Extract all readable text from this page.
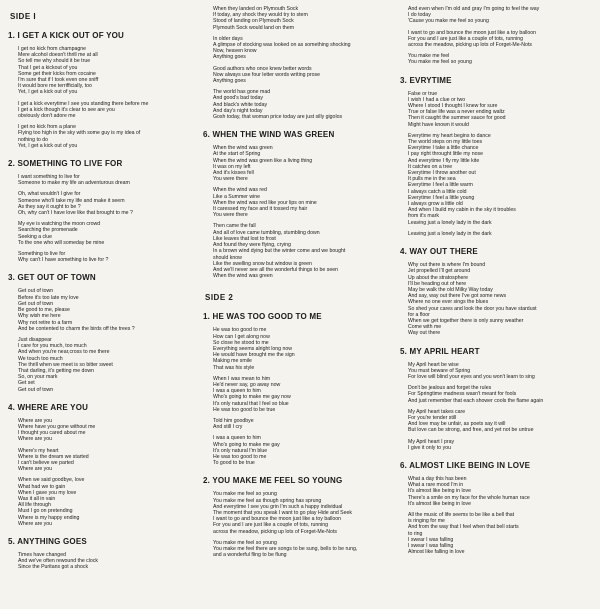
SIDE I
1. I GET A KICK OUT OF YOU
I get no kick from champagne
Mere alcohol doesn't thrill me at all
So tell me why should it be true
That I get a kickout of you
Some get their kicks from cocaine
I'm sure that if I took even one sniff
It would bore me terrifficially, too
Yet, I get a kick out of you
I get a kick everytime I see you standing there before me
I get a kick though it's clear to see are you
obviously don't adore me
I get no kick from a plane
Flying too high in the sky with some guy is my idea of
nothing to do
Yet, I get a kick out of you
2. SOMETHING TO LIVE FOR
I want something to live for
Someone to make my life an adventurous dream
Oh, what wouldn't I give for
Someone who'll take my life and make it seem
As they say it ought to be ?
Oh, why can't I have love like that brought to me ?
My eye is watching the moon crowd
Searching the promenade
Seeking a clue
To the one who will someday be mine
Something to live for
Why can't I have something to live for ?
3. GET OUT OF TOWN
Get out of town
Before it's too late my love
Get out of town
Be good to me, please
Why wish me here
Why not retire to a farm
And be contented to charm the birds off the trees ?
Just disappear
I care for you much, too much
And when you're near,cross to me there
We touch too much
The thrill when we meet is so bitter sweet
That darling, it's getting me down
So, on your mark
Get set
Get out of town
4. WHERE ARE YOU
Where are you
Where have you gone without me
I thought you cared about me
Where are you
Where's my heart
Where is the dream we started
I can't believe we parted
Where are you
When we said goodbye, love
What had we to gain
When I gave you my love
Was it all in vain
All life through
Must I go on pretending
Where is my happy ending
Where are you
5. ANYTHING GOES
Times have changed
And we've often rewound the clock
Since the Puritans got a shock
When they landed on Plymouth Sock
If today, any shock they would try to stem
Stood of landing on Plymouth Sock
Plymouth Sock would land on them
In older days
A glimpse of stocking was looked on as something shocking
Now, heaven know
Anything goes
Good authors who once knew better words
Now always use four letter words writing prose
Anything goes
The world has gone mad
And good's bad today
And black's white today
And day's night today
Gosh today, that woman price today are just silly gigolos
6. WHEN THE WIND WAS GREEN
When the wind was green
At the start of Spring
When the wind was green like a living thing
It was on my left
And it's kisses fell
You were there
When the wind was red
Like a Summer wine
When the wind was red like your lips on mine
It caressed my face and it tossed my hair
You were there
Then came the fall
And all of love came tumbling, stumbling down
Like leaves that lost to frost
And found they were flying, crying
In a brown wind dying but the winter come and we bought
should know
Like the swelling snow but window is green
And we'll never see all the wonderful things to be seen
When the wind was green
SIDE 2
1. HE WAS TOO GOOD TO ME
He was too good to me
How can I get along now
So close he stood to me
Everything seems alright long now
He would have brought me the sign
Making me smile
That was his style
When I was mean to him
He'd never say, go away now
I was a queen to him
Who's going to make me gay now
It's only natural that I feel so blue
He was too good to be true
Told him goodbye
And still I cry
I was a queen to him
Who's going to make me gay
It's only natural I'm blue
He was too good to me
To good to be true
2. YOU MAKE ME FEEL SO YOUNG
You make me feel so young
You make me feel as though spring has sprung
And everytime I see you grin I'm such a happy individual
The moment that you speak I want to go play Hide and Seek
I want to go and bounce the moon just like a toy balloon
For you and I are just like a couple of tots, running
across the meadow, picking up lots of Forget-Me-Nots
You make me feel so young
You make me feel there are songs to be sung, bells to be rung,
and a wonderful fling to be flung
And even when I'm old and gray I'm going to feel the way
I do today
'Cause you make me feel so young
I want to go and bounce the moon just like a toy balloon
For you and I are just like a couple of tots, running
across the meadow, picking up lots of Forget-Me-Nots
You make me feel
You make me feel so young
3. EVRYTIME
False or true
I wish I had a clue or two
Where I stood I thought I knew for sure
True or false life was a never ending waltz
Then it caught the summer sauce for good
Might have known it would
Everytime my heart begins to dance
The world steps on my little toes
Everytime I take a little chance
I pay right throught little my nose
And everytime I fly my little kite
It catches on a tree
Everytime I throw another out
It pulls me in the sea
Everytime I feel a little warm
I always catch a little cold
Everytime I feel a little young
I always grow a little old
And when I build my cabin in the sky it troubles
from it's mark
Leaving just a lonely lady in the dark
Leaving just a lonely lady in the dark
4. WAY OUT THERE
Why out there is where I'm bound
Jet propelled I'll get around
Up about the stratosphere
I'll be heading out of here
May be walk the old Milky Way today
And say, way out there I've got some news
Where no one ever sings the blues
So shed your cares and look the door you have stardust
for a floor
When we get together there is only sunny weather
Come with me
Way out there
5. MY APRIL HEART
My April heart be wise
You must beware of Spring
For love will blind your eyes and you won't learn to sing
Don't be jealous and forget the rules
For Springtime madness wasn't meant for fools
And just remember that each shower cools the flame again
My April heart takes care
For you're tender still
And love may be unfair, as poets say it will
But love can be strong, and free, and yet not be untrue
My April heart I pray
I give it only to you
6. ALMOST LIKE BEING IN LOVE
What a day this has been
What a rare mood I'm in
It's almost like being in love
There's a smile on my face for the whole human race
It's almost like being in love
All the music of life seems to be like a bell that
is ringing for me
And from the way that I feel when that bell starts
to ring
I swear I was falling
I swear I was falling
Almost like falling in love
